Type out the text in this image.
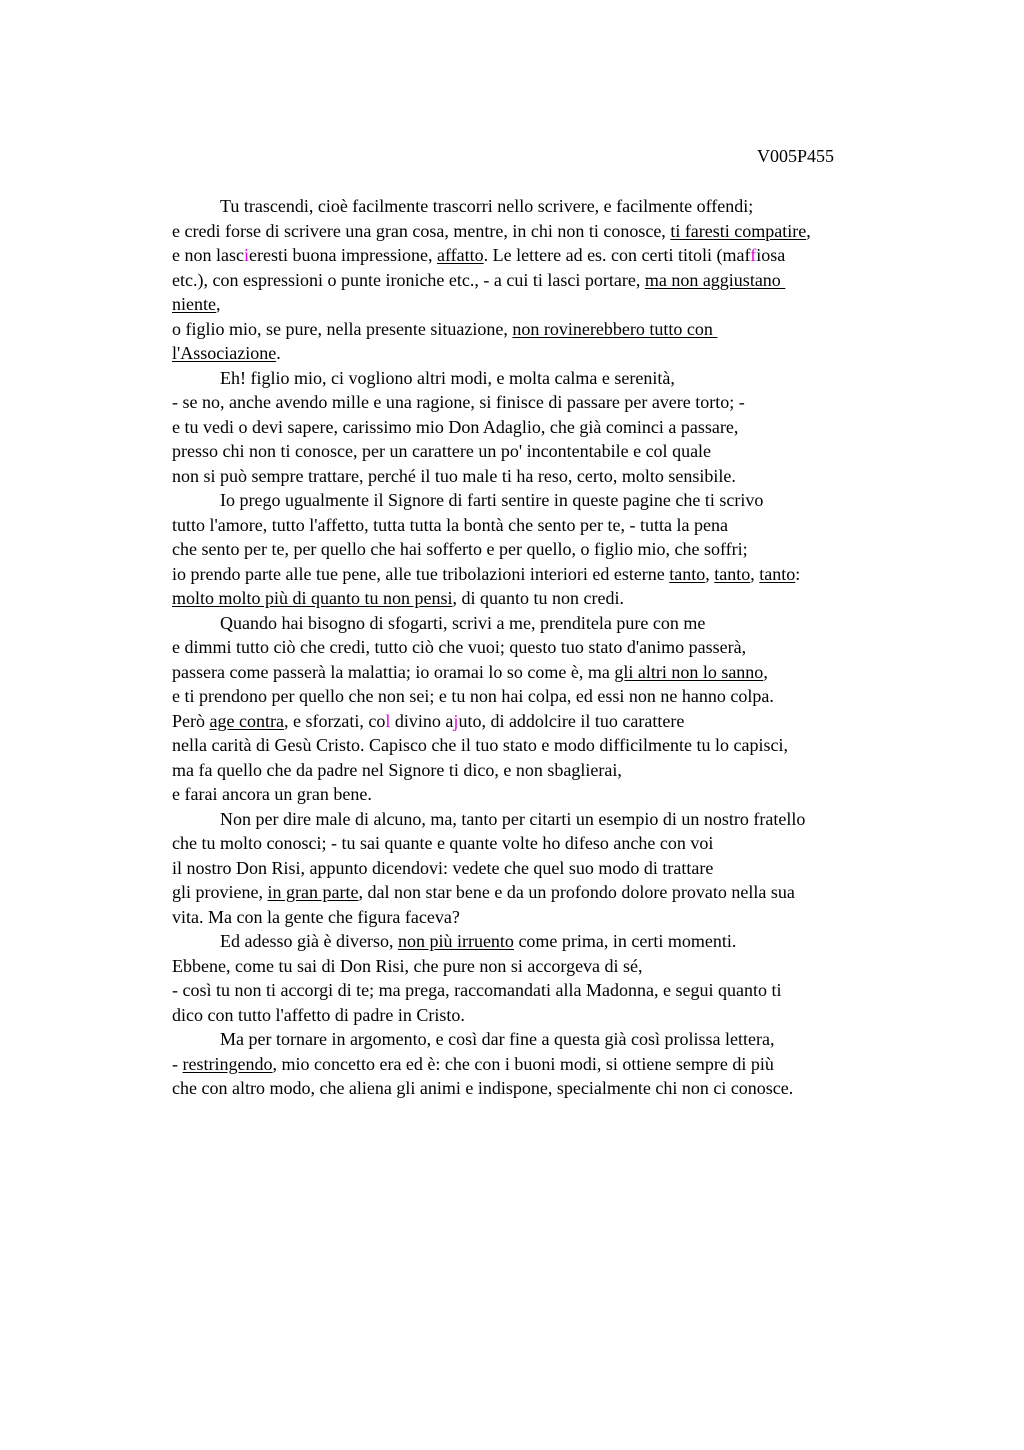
V005P455
Tu trascendi, cioè facilmente trascorri nello scrivere, e facilmente offendi;
e credi forse di scrivere una gran cosa, mentre, in chi non ti conosce, ti faresti compatire,
e non lascieresti buona impressione, affatto. Le lettere ad es. con certi titoli (maffiosa
etc.), con espressioni o punte ironiche etc., - a cui ti lasci portare, ma non aggiustano
niente,
o figlio mio, se pure, nella presente situazione, non rovinerebbero tutto con
l'Associazione.
Eh! figlio mio, ci vogliono altri modi, e molta calma e serenità,
- se no, anche avendo mille e una ragione, si finisce di passare per avere torto; -
e tu vedi o devi sapere, carissimo mio Don Adaglio, che già cominci a passare,
presso chi non ti conosce, per un carattere un po' incontentabile e col quale
non si può sempre trattare, perché il tuo male ti ha reso, certo, molto sensibile.
Io prego ugualmente il Signore di farti sentire in queste pagine che ti scrivo
tutto l'amore, tutto l'affetto, tutta tutta la bontà che sento per te, - tutta la pena
che sento per te, per quello che hai sofferto e per quello, o figlio mio, che soffri;
io prendo parte alle tue pene, alle tue tribolazioni interiori ed esterne tanto, tanto, tanto:
molto molto più di quanto tu non pensi, di quanto tu non credi.
Quando hai bisogno di sfogarti, scrivi a me, prenditela pure con me
e dimmi tutto ciò che credi, tutto ciò che vuoi; questo tuo stato d'animo passerà,
passera come passerà la malattia; io oramai lo so come è, ma gli altri non lo sanno,
e ti prendono per quello che non sei; e tu non hai colpa, ed essi non ne hanno colpa.
Però age contra, e sforzati, col divino ajuto, di addolcire il tuo carattere
nella carità di Gesù Cristo. Capisco che il tuo stato e modo difficilmente tu lo capisci,
ma fa quello che da padre nel Signore ti dico, e non sbaglierai,
e farai ancora un gran bene.
Non per dire male di alcuno, ma, tanto per citarti un esempio di un nostro fratello
che tu molto conosci; - tu sai quante e quante volte ho difeso anche con voi
il nostro Don Risi, appunto dicendovi: vedete che quel suo modo di trattare
gli proviene, in gran parte, dal non star bene e da un profondo dolore provato nella sua
vita. Ma con la gente che figura faceva?
Ed adesso già è diverso, non più irruento come prima, in certi momenti.
Ebbene, come tu sai di Don Risi, che pure non si accorgeva di sé,
- così tu non ti accorgi di te; ma prega, raccomandati alla Madonna, e segui quanto ti
dico con tutto l'affetto di padre in Cristo.
Ma per tornare in argomento, e così dar fine a questa già così prolissa lettera,
- restringendo, mio concetto era ed è: che con i buoni modi, si ottiene sempre di più
che con altro modo, che aliena gli animi e indispone, specialmente chi non ci conosce.
